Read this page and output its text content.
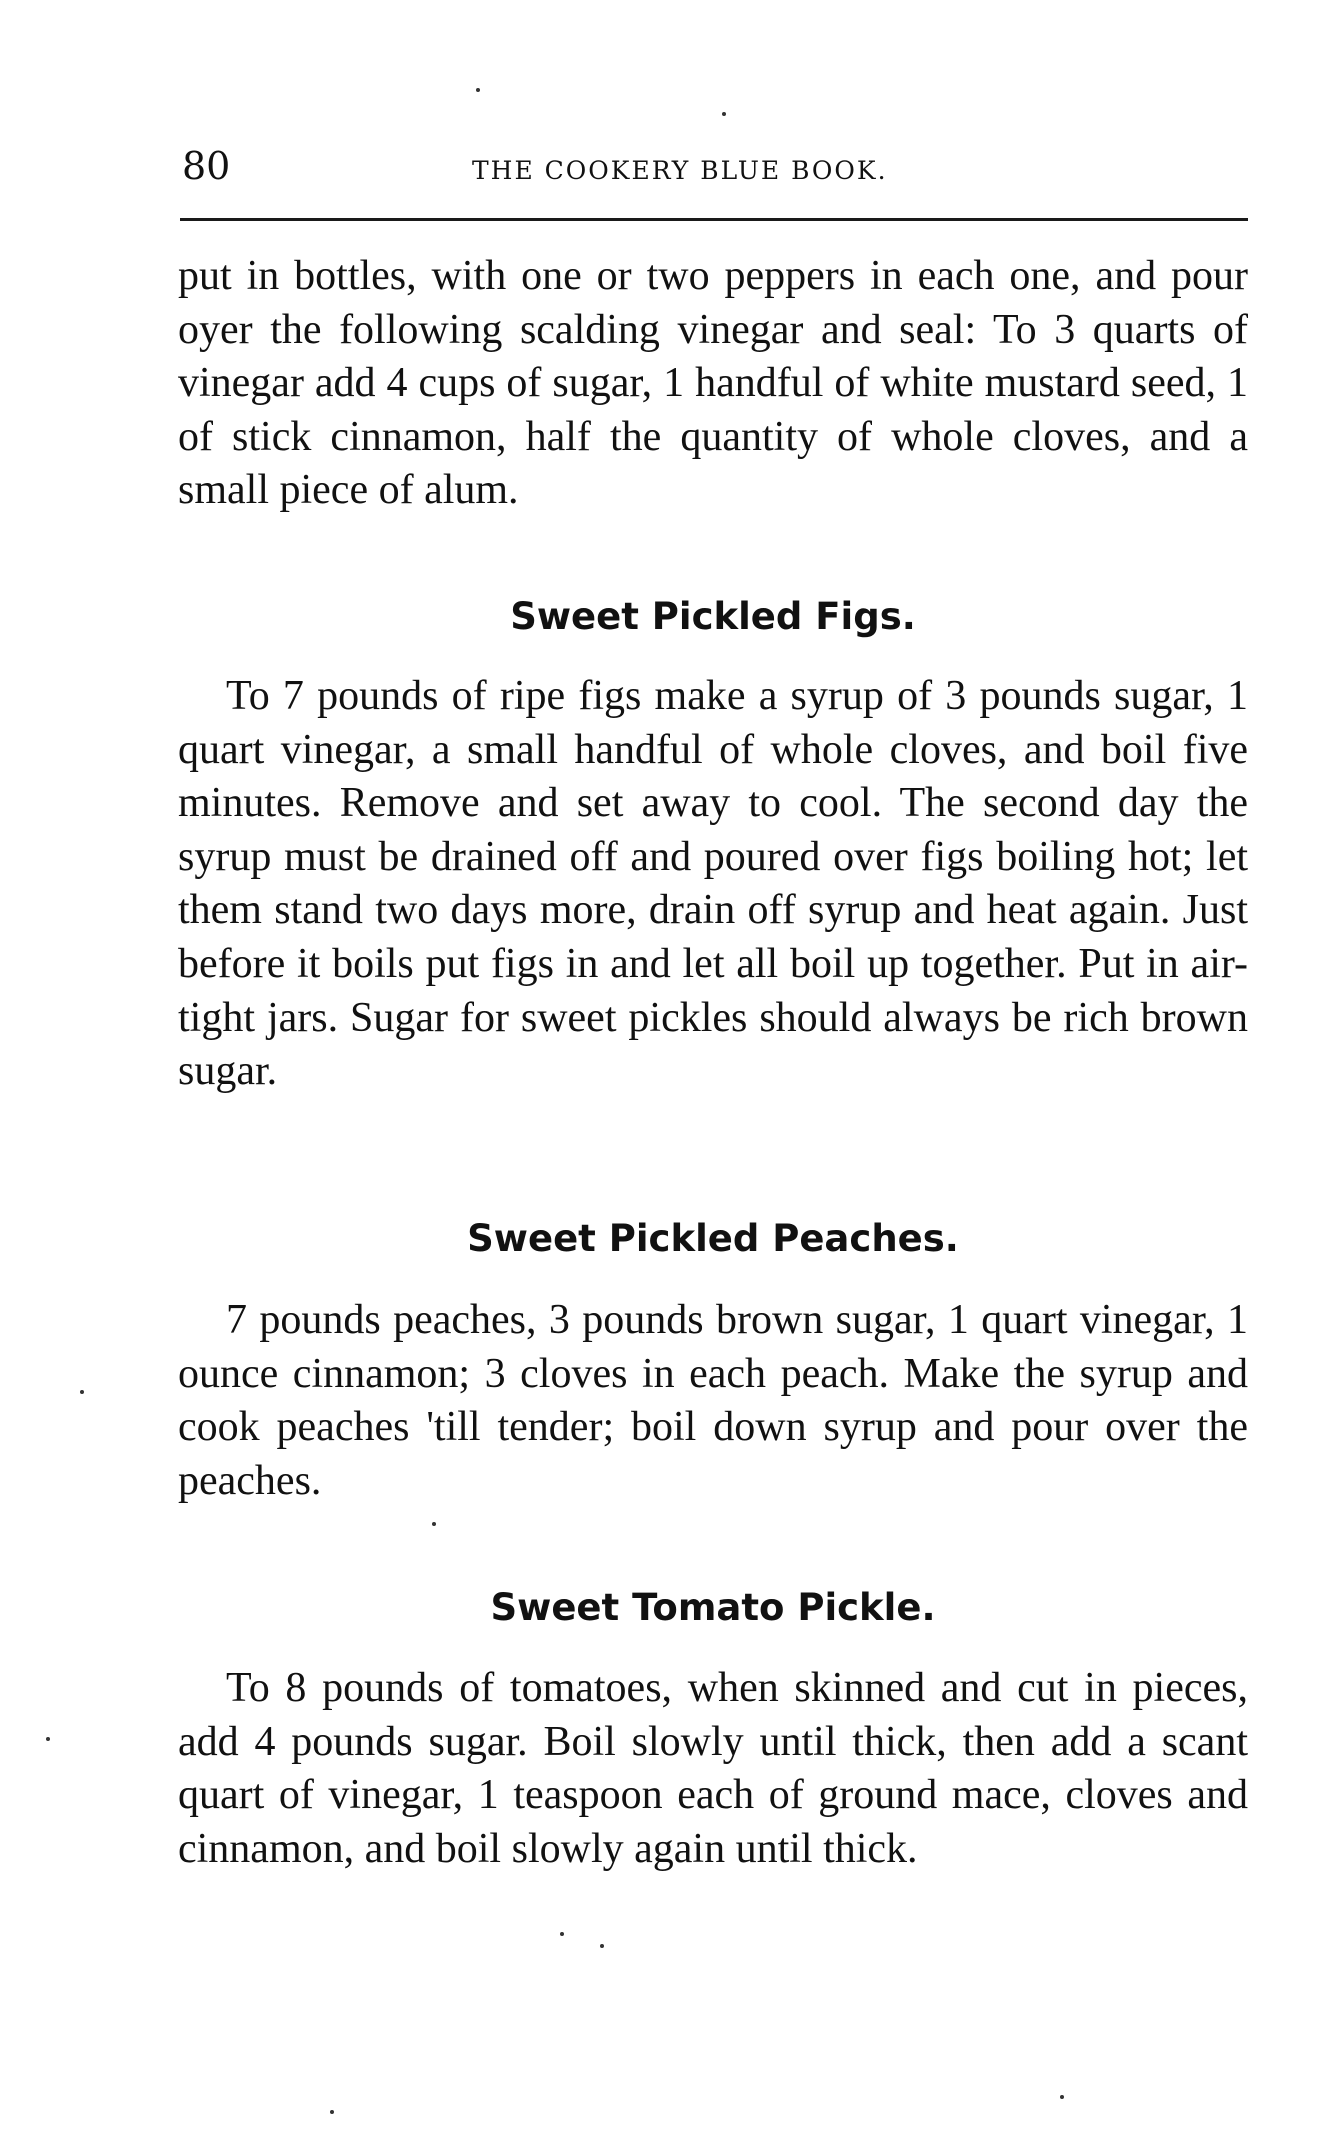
80	THE COOKERY BLUE BOOK.

put in bottles, with one or two peppers in each one, and pour oyer the following scalding vinegar and seal: To 3 quarts of vinegar add 4 cups of sugar, 1 handful of white mustard seed, 1 of stick cinnamon, half the quantity of whole cloves, and a small piece of alum.

Sweet Pickled Figs.

To 7 pounds of ripe figs make a syrup of 3 pounds sugar, 1 quart vinegar, a small handful of whole cloves, and boil five minutes. Remove and set away to cool. The second day the syrup must be drained off and poured over figs boiling hot; let them stand two days more, drain off syrup and heat again. Just before it boils put figs in and let all boil up together. Put in air-tight jars. Sugar for sweet pickles should always be rich brown sugar.

Sweet Pickled Peaches.

7 pounds peaches, 3 pounds brown sugar, 1 quart vinegar, 1 ounce cinnamon; 3 cloves in each peach. Make the syrup and cook peaches 'till tender; boil down syrup and pour over the peaches.

Sweet Tomato Pickle.

To 8 pounds of tomatoes, when skinned and cut in pieces, add 4 pounds sugar. Boil slowly until thick, then add a scant quart of vinegar, 1 teaspoon each of ground mace, cloves and cinnamon, and boil slowly again until thick.
